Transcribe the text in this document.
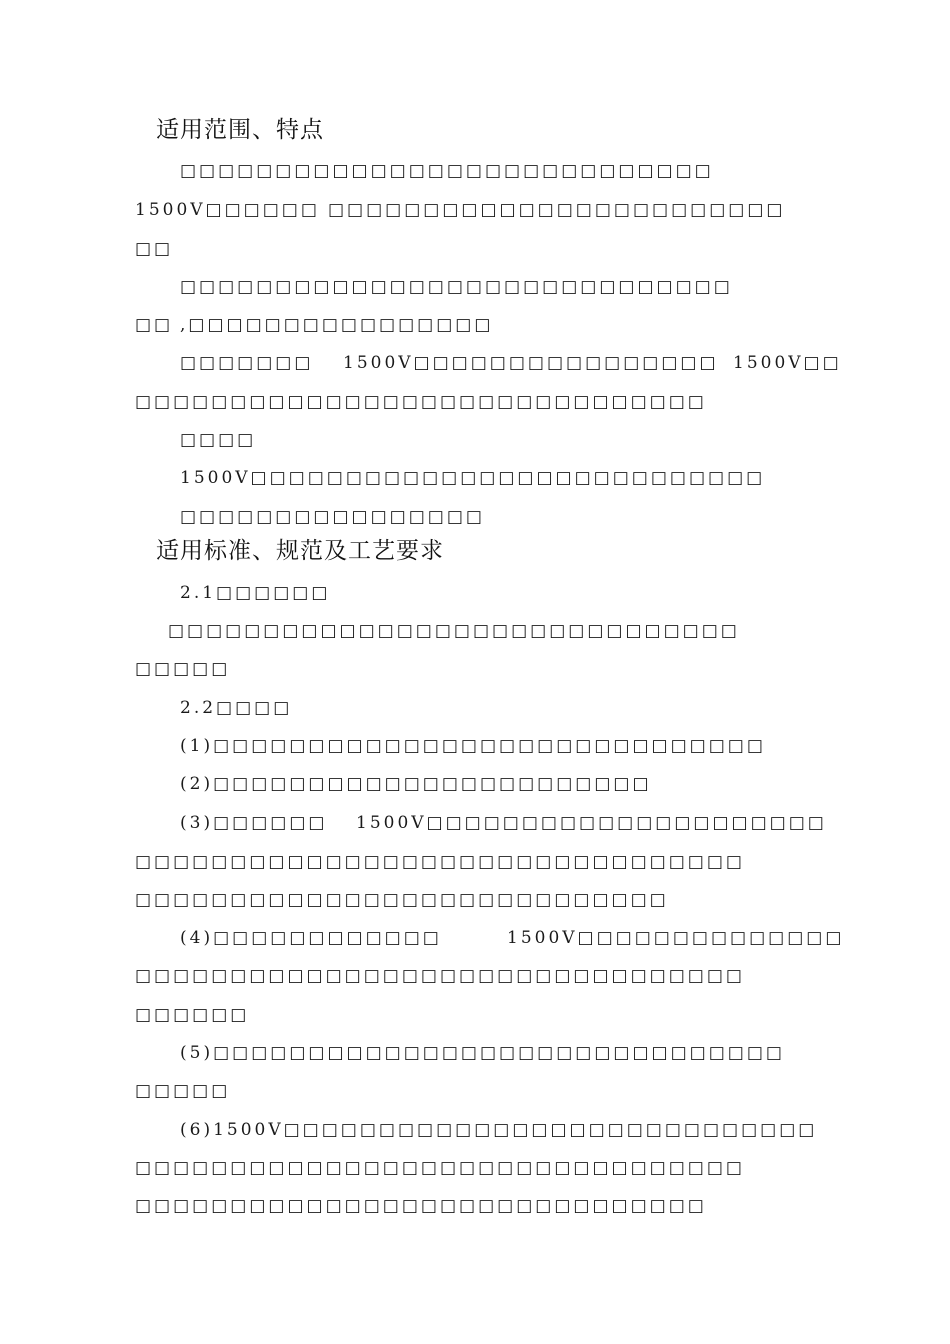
适用范围、特点
□□□□□□□□□□□□□□□□□□□□□□□□□□□□
1500V□□□□□□ □□□□□□□□□□□□□□□□□□□□□□□□
□□
□□□□□□□□□□□□□□□□□□□□□□□□□□□□□
□□ ,□□□□□□□□□□□□□□□□
□□□□□□□ 1500V□□□□□□□□□□□□□□□□ 1500V□□
□□□□□□□□□□□□□□□□□□□□□□□□□□□□□□
□□□□
1500V□□□□□□□□□□□□□□□□□□□□□□□□□□□
□□□□□□□□□□□□□□□□
适用标准、规范及工艺要求
2.1□□□□□□
□□□□□□□□□□□□□□□□□□□□□□□□□□□□□□
□□□□□
2.2□□□□
(1)□□□□□□□□□□□□□□□□□□□□□□□□□□□□□
(2)□□□□□□□□□□□□□□□□□□□□□□□
(3)□□□□□□ 1500V□□□□□□□□□□□□□□□□□□□□□
□□□□□□□□□□□□□□□□□□□□□□□□□□□□□□□□
□□□□□□□□□□□□□□□□□□□□□□□□□□□□
(4)□□□□□□□□□□□□	1500V□□□□□□□□□□□□□□
□□□□□□□□□□□□□□□□□□□□□□□□□□□□□□□□
□□□□□□
(5)□□□□□□□□□□□□□□□□□□□□□□□□□□□□□□
□□□□□
(6)1500V□□□□□□□□□□□□□□□□□□□□□□□□□□□□
□□□□□□□□□□□□□□□□□□□□□□□□□□□□□□□□
□□□□□□□□□□□□□□□□□□□□□□□□□□□□□□
